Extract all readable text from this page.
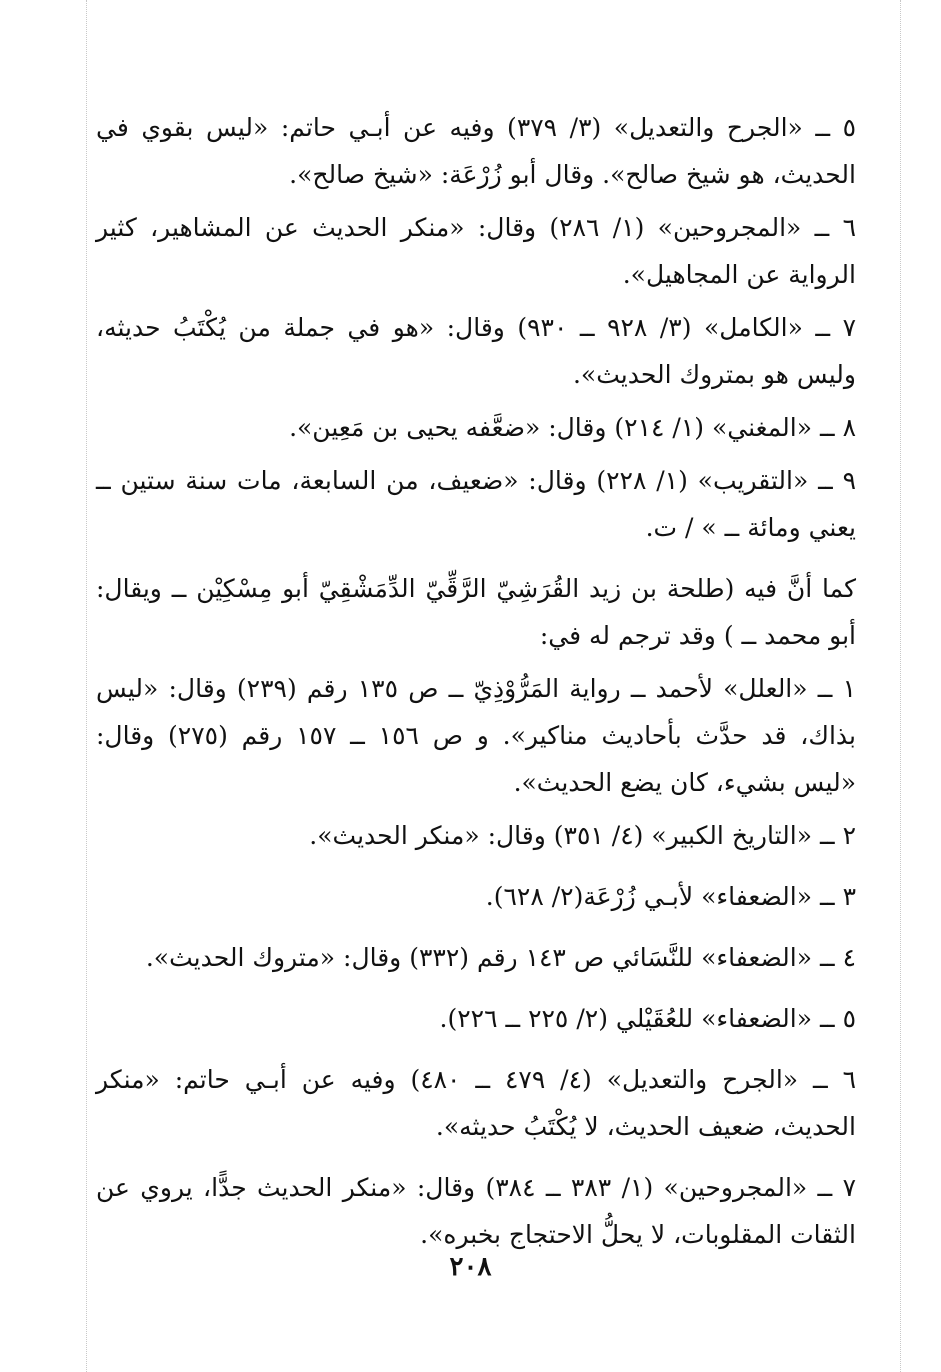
٥ ــ «الجرح والتعديل» (٣/ ٣٧٩) وفيه عن أبـي حاتم: «ليس بقوي في الحديث، هو شيخ صالح». وقال أبو زُرْعَة: «شيخ صالح».

٦ ــ «المجروحين» (١/ ٢٨٦) وقال: «منكر الحديث عن المشاهير، كثير الرواية عن المجاهيل».

٧ ــ «الكامل» (٣/ ٩٢٨ ــ ٩٣٠) وقال: «هو في جملة من يُكْتَبُ حديثه، وليس هو بمتروك الحديث».

٨ ــ «المغني» (١/ ٢١٤) وقال: «ضعَّفه يحيى بن مَعِين».

٩ ــ «التقريب» (١/ ٢٢٨) وقال: «ضعيف، من السابعة، مات سنة ستين ــ يعني ومائة ــ » / ت.

كما أنَّ فيه (طلحة بن زيد القُرَشِيّ الرَّقِّيّ الدِّمَشْقِيّ أبو مِسْكِيْن ــ ويقال: أبو محمد ــ ) وقد ترجم له في:

١ ــ «العلل» لأحمد ــ رواية المَرُّوْذِيّ ــ ص ١٣٥ رقم (٢٣٩) وقال: «ليس بذاك، قد حدَّث بأحاديث مناكير». و ص ١٥٦ ــ ١٥٧ رقم (٢٧٥) وقال: «ليس بشيء، كان يضع الحديث».

٢ ــ «التاريخ الكبير» (٤/ ٣٥١) وقال: «منكر الحديث».

٣ ــ «الضعفاء» لأبـي زُرْعَة(٢/ ٦٢٨).

٤ ــ «الضعفاء» للنَّسَائي ص ١٤٣ رقم (٣٣٢) وقال: «متروك الحديث».

٥ ــ «الضعفاء» للعُقَيْلي (٢/ ٢٢٥ ــ ٢٢٦).

٦ ــ «الجرح والتعديل» (٤/ ٤٧٩ ــ ٤٨٠) وفيه عن أبـي حاتم: «منكر الحديث، ضعيف الحديث، لا يُكْتَبُ حديثه».

٧ ــ «المجروحين» (١/ ٣٨٣ ــ ٣٨٤) وقال: «منكر الحديث جدًّا، يروي عن الثقات المقلوبات، لا يحلُّ الاحتجاج بخبره».

٢٠٨
